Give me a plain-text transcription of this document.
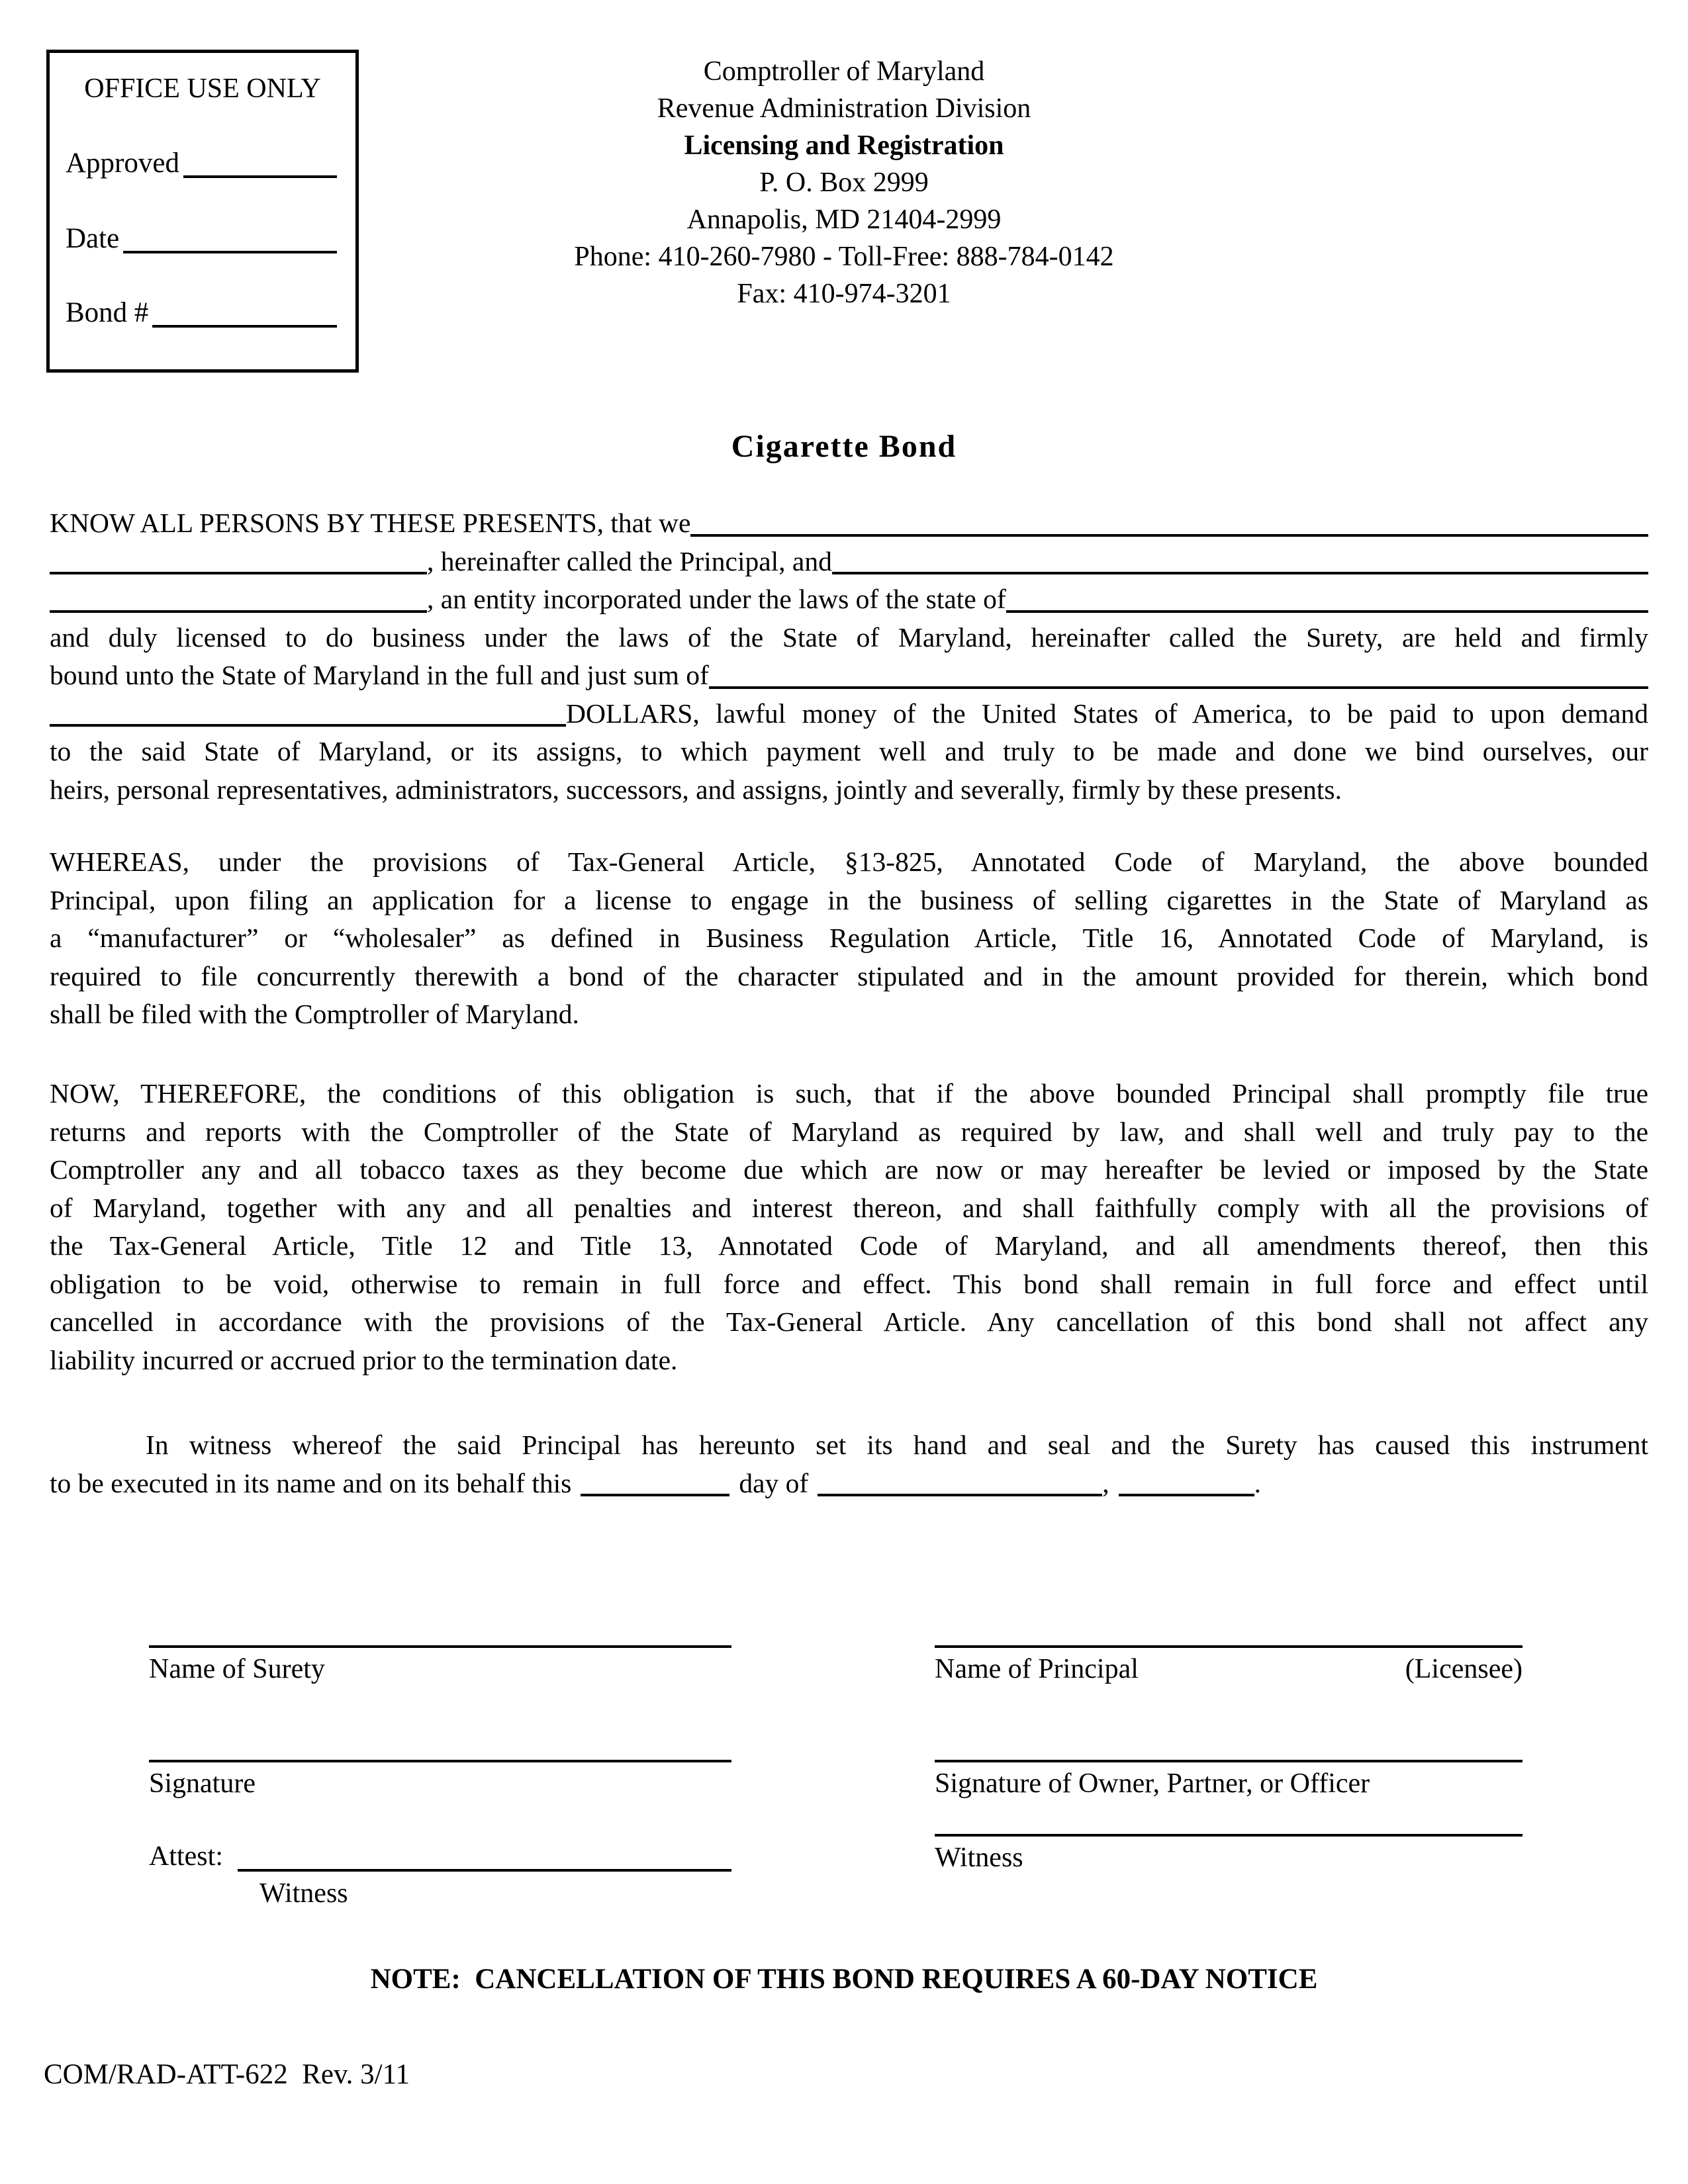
OFFICE USE ONLY
Approved
Date
Bond #
Comptroller of Maryland
Revenue Administration Division
Licensing and Registration
P. O. Box 2999
Annapolis, MD 21404-2999
Phone: 410-260-7980 - Toll-Free: 888-784-0142
Fax: 410-974-3201
Cigarette Bond
KNOW ALL PERSONS BY THESE PRESENTS, that we
, hereinafter called the Principal, and
, an entity incorporated under the laws of the state of
and duly licensed to do business under the laws of the State of Maryland, hereinafter called the Surety, are held and firmly
bound unto the State of Maryland in the full and just sum of
DOLLARS, lawful money of the United States of America, to be paid to upon demand
to the said State of Maryland, or its assigns, to which payment well and truly to be made and done we bind ourselves, our
heirs, personal representatives, administrators, successors, and assigns, jointly and severally, firmly by these presents.
WHEREAS, under the provisions of Tax-General Article, §13-825, Annotated Code of Maryland, the above bounded
Principal, upon filing an application for a license to engage in the business of selling cigarettes in the State of Maryland as
a “manufacturer” or “wholesaler” as defined in Business Regulation Article, Title 16, Annotated Code of Maryland, is
required to file concurrently therewith a bond of the character stipulated and in the amount provided for therein, which bond
shall be filed with the Comptroller of Maryland.
NOW, THEREFORE, the conditions of this obligation is such, that if the above bounded Principal shall promptly file true
returns and reports with the Comptroller of the State of Maryland as required by law, and shall well and truly pay to the
Comptroller any and all tobacco taxes as they become due which are now or may hereafter be levied or imposed by the State
of Maryland, together with any and all penalties and interest thereon, and shall faithfully comply with all the provisions of
the Tax-General Article, Title 12 and Title 13, Annotated Code of Maryland, and all amendments thereof, then this
obligation to be void, otherwise to remain in full force and effect. This bond shall remain in full force and effect until
cancelled in accordance with the provisions of the Tax-General Article. Any cancellation of this bond shall not affect any
liability incurred or accrued prior to the termination date.
In witness whereof the said Principal has hereunto set its hand and seal and the Surety has caused this instrument
to be executed in its name and on its behalf this	day of	,	.
Name of Surety
Signature
Attest:
Witness
Name of Principal	(Licensee)
Signature of Owner, Partner, or Officer
Witness
NOTE:  CANCELLATION OF THIS BOND REQUIRES A 60-DAY NOTICE
COM/RAD-ATT-622  Rev. 3/11
